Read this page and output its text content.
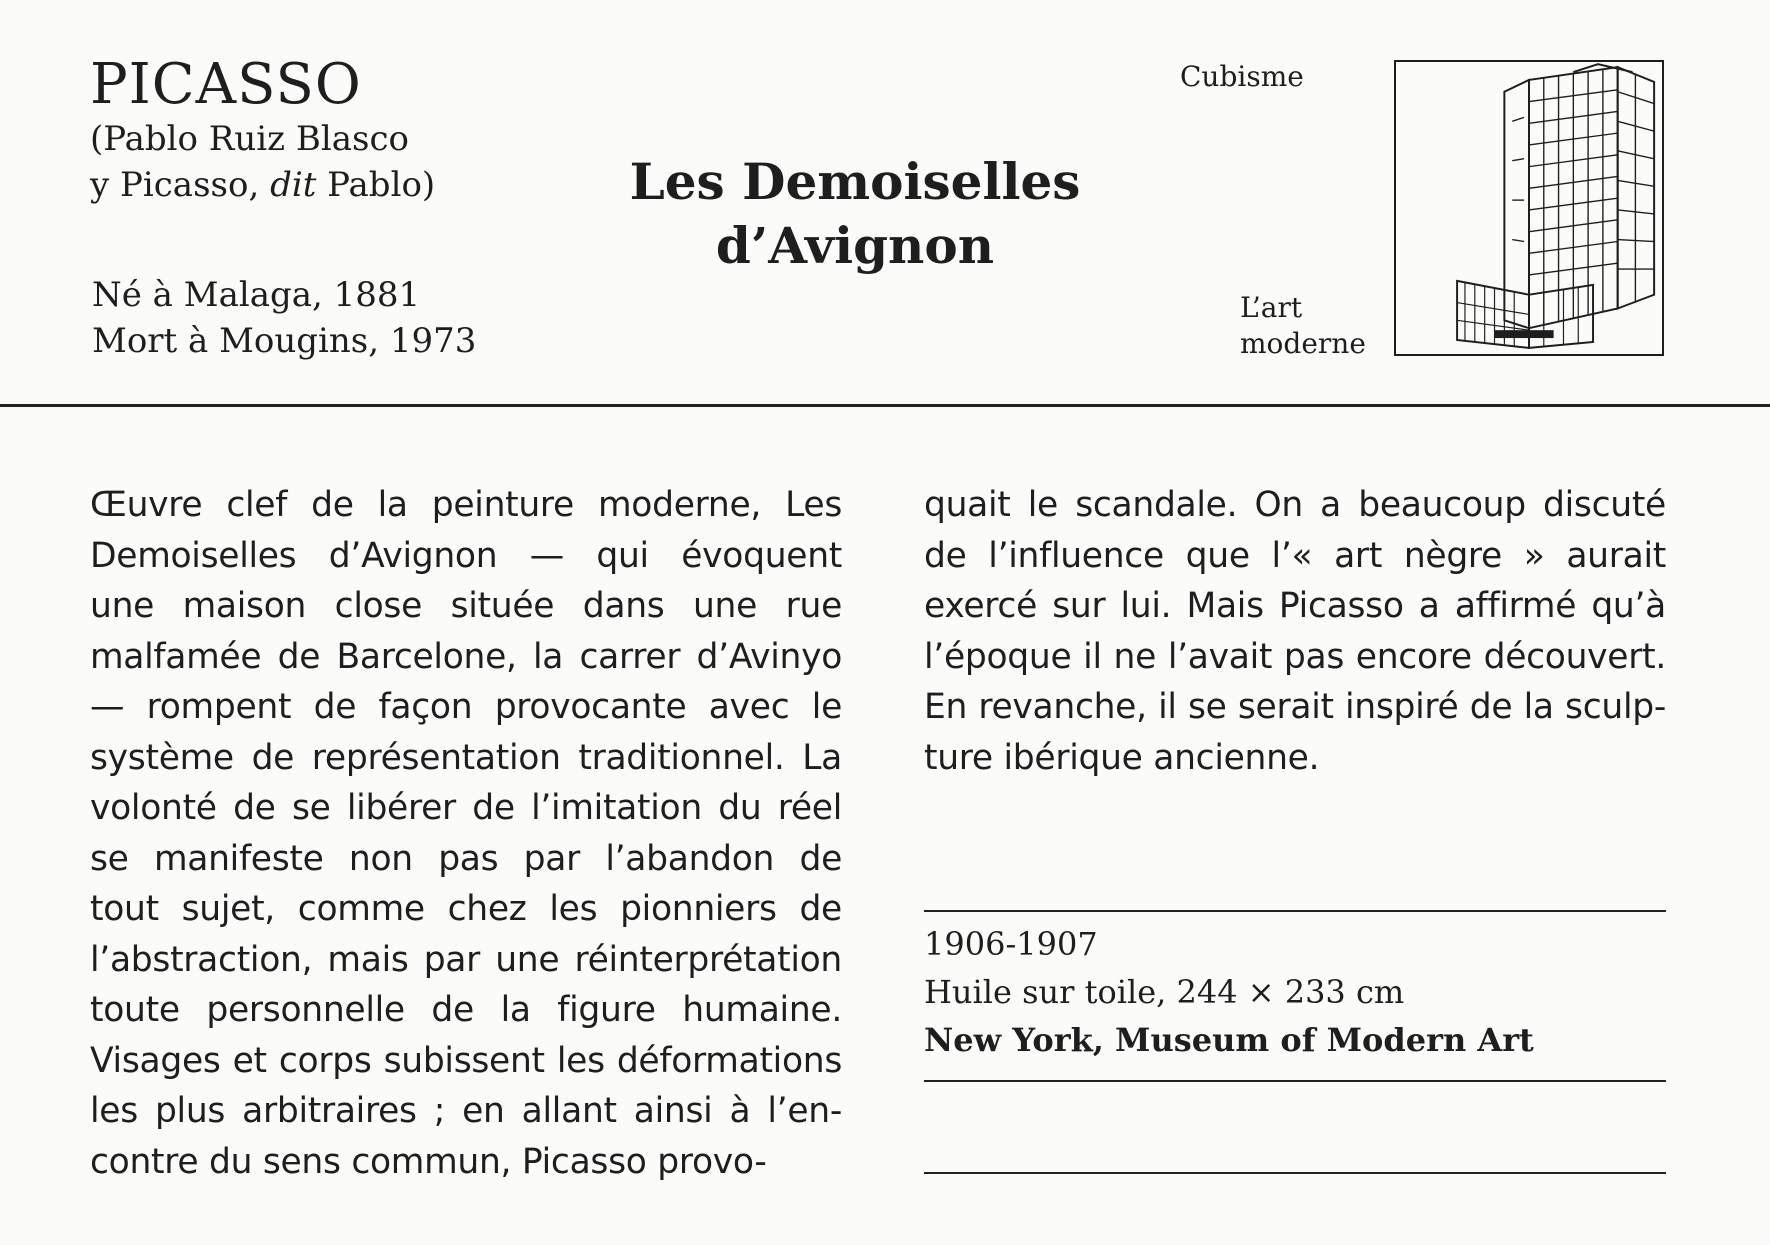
PICASSO
(Pablo Ruiz Blasco
y Picasso, dit Pablo)
Né à Malaga, 1881
Mort à Mougins, 1973
Les Demoiselles
d’Avignon
Cubisme
L’art
moderne
Œuvre clef de la peinture moderne, Les
Demoiselles d’Avignon — qui évoquent
une maison close située dans une rue
malfamée de Barcelone, la carrer d’Avinyo
— rompent de façon provocante avec le
système de représentation traditionnel. La
volonté de se libérer de l’imitation du réel
se manifeste non pas par l’abandon de
tout sujet, comme chez les pionniers de
l’abstraction, mais par une réinterprétation
toute personnelle de la figure humaine.
Visages et corps subissent les déformations
les plus arbitraires ; en allant ainsi à l’en-
contre du sens commun, Picasso provo-
quait le scandale. On a beaucoup discuté
de l’influence que l’« art nègre » aurait
exercé sur lui. Mais Picasso a affirmé qu’à
l’époque il ne l’avait pas encore découvert.
En revanche, il se serait inspiré de la sculp-
ture ibérique ancienne.
1906-1907
Huile sur toile, 244 × 233 cm
New York, Museum of Modern Art
